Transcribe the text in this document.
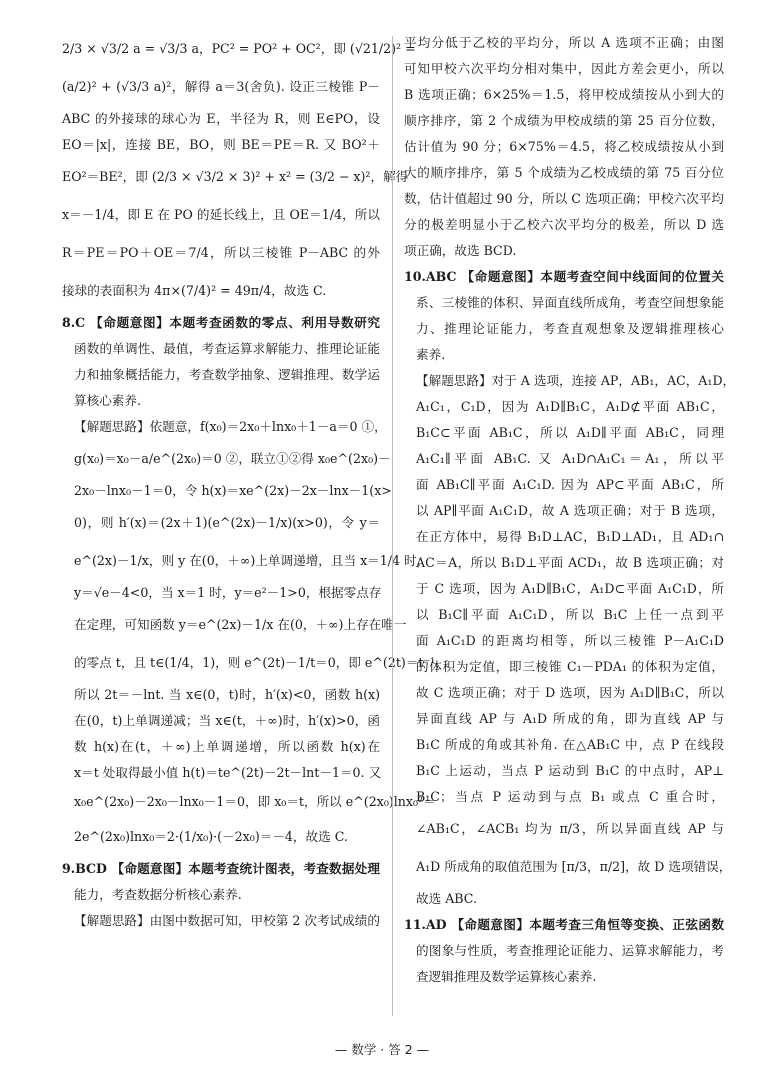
2/3 × √3/2 a = √3/3 a，PC² = PO² + OC²，即 (√21/2)² =
(a/2)² + (√3/3 a)²，解得 a＝3(舍负). 设正三棱锥 P－
ABC 的外接球的球心为 E，半径为 R，则 E∈PO，设
EO＝|x|，连接 BE，BO，则 BE＝PE＝R. 又 BO²＋
EO²＝BE²，即 (2/3 × √3/2 × 3)² + x² = (3/2 − x)²，解得
x＝－1/4，即 E 在 PO 的延长线上，且 OE＝1/4，所以
R＝PE＝PO＋OE＝7/4，所以三棱锥 P－ABC 的外
接球的表面积为 4π×(7/4)² = 49π/4，故选 C.
8.C 【命题意图】本题考查函数的零点、利用导数研究
函数的单调性、最值，考查运算求解能力、推理论证能
力和抽象概括能力，考查数学抽象、逻辑推理、数学运
算核心素养.
【解题思路】依题意，f(x₀)＝2x₀＋lnx₀＋1－a＝0 ①，
g(x₀)＝x₀－a/e^(2x₀)＝0 ②，联立①②得 x₀e^(2x₀)－
2x₀－lnx₀－1＝0，令 h(x)＝xe^(2x)－2x－lnx－1(x>
0)，则 h′(x)＝(2x＋1)(e^(2x)－1/x)(x>0)，令 y＝
e^(2x)－1/x，则 y 在(0，＋∞)上单调递增，且当 x＝1/4 时，
y＝√e－4<0，当 x＝1 时，y＝e²－1>0，根据零点存
在定理，可知函数 y＝e^(2x)－1/x 在(0，＋∞)上存在唯一
的零点 t，且 t∈(1/4，1)，则 e^(2t)－1/t＝0，即 e^(2t)＝t⁻¹，
所以 2t＝－lnt. 当 x∈(0，t)时，h′(x)<0，函数 h(x)
在(0，t)上单调递减；当 x∈(t，＋∞)时，h′(x)>0，函
数 h(x)在(t，＋∞)上单调递增，所以函数 h(x)在
x＝t 处取得最小值 h(t)＝te^(2t)－2t－lnt－1＝0. 又
x₀e^(2x₀)－2x₀－lnx₀－1＝0，即 x₀＝t，所以 e^(2x₀)lnx₀²＝
2e^(2x₀)lnx₀＝2·(1/x₀)·(－2x₀)＝－4，故选 C.
9.BCD 【命题意图】本题考查统计图表，考查数据处理
能力，考查数据分析核心素养.
【解题思路】由图中数据可知，甲校第 2 次考试成绩的
平均分低于乙校的平均分，所以 A 选项不正确；由图
可知甲校六次平均分相对集中，因此方差会更小，所以
B 选项正确；6×25%＝1.5，将甲校成绩按从小到大的
顺序排序，第 2 个成绩为甲校成绩的第 25 百分位数，
估计值为 90 分；6×75%＝4.5，将乙校成绩按从小到
大的顺序排序，第 5 个成绩为乙校成绩的第 75 百分位
数，估计值超过 90 分，所以 C 选项正确；甲校六次平均
分的极差明显小于乙校六次平均分的极差，所以 D 选
项正确，故选 BCD.
10.ABC 【命题意图】本题考查空间中线面间的位置关
系、三棱锥的体积、异面直线所成角，考查空间想象能
力、推理论证能力，考查直观想象及逻辑推理核心
素养.
【解题思路】对于 A 选项，连接 AP，AB₁，AC，A₁D，
A₁C₁，C₁D，因为 A₁D∥B₁C，A₁D⊄平面 AB₁C，
B₁C⊂平面 AB₁C，所以 A₁D∥平面 AB₁C，同理
A₁C₁∥平面 AB₁C. 又 A₁D∩A₁C₁＝A₁，所以平
面 AB₁C∥平面 A₁C₁D. 因为 AP⊂平面 AB₁C，所
以 AP∥平面 A₁C₁D，故 A 选项正确；对于 B 选项，
在正方体中，易得 B₁D⊥AC，B₁D⊥AD₁，且 AD₁∩
AC＝A，所以 B₁D⊥平面 ACD₁，故 B 选项正确；对
于 C 选项，因为 A₁D∥B₁C，A₁D⊂平面 A₁C₁D，所
以 B₁C∥平面 A₁C₁D，所以 B₁C 上任一点到平
面 A₁C₁D 的距离均相等，所以三棱锥 P－A₁C₁D
的体积为定值，即三棱锥 C₁－PDA₁ 的体积为定值，
故 C 选项正确；对于 D 选项，因为 A₁D∥B₁C，所以
异面直线 AP 与 A₁D 所成的角，即为直线 AP 与
B₁C 所成的角或其补角. 在△AB₁C 中，点 P 在线段
B₁C 上运动，当点 P 运动到 B₁C 的中点时，AP⊥
B₁C；当点 P 运动到与点 B₁ 或点 C 重合时，
∠AB₁C，∠ACB₁ 均为 π/3，所以异面直线 AP 与
A₁D 所成角的取值范围为 [π/3，π/2]，故 D 选项错误，
故选 ABC.
11.AD 【命题意图】本题考查三角恒等变换、正弦函数
的图象与性质，考查推理论证能力、运算求解能力，考
查逻辑推理及数学运算核心素养.
— 数学 · 答 2 —
